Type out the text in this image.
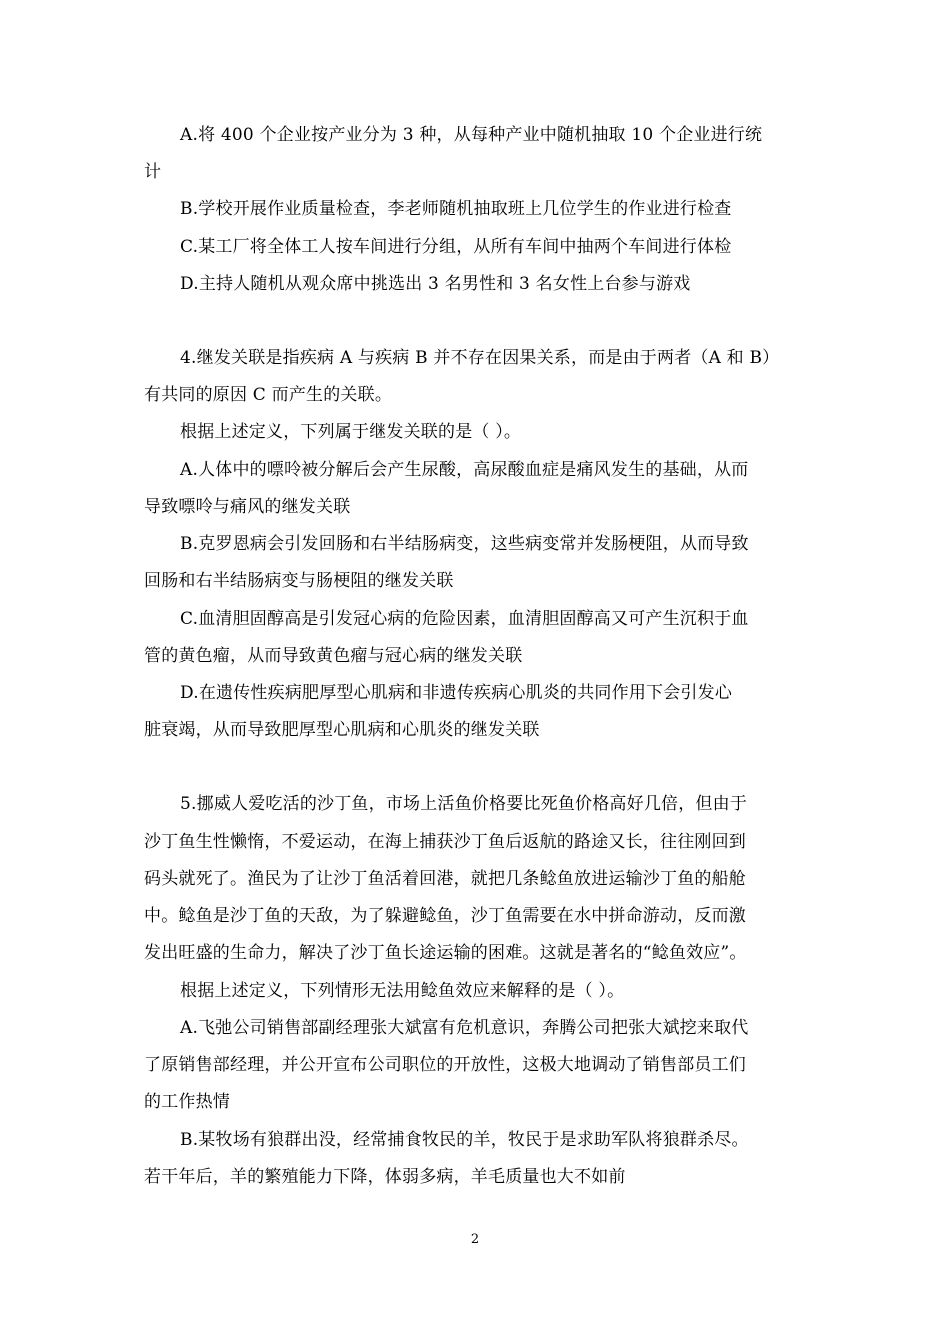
A.将 400 个企业按产业分为 3 种，从每种产业中随机抽取 10 个企业进行统
计
B.学校开展作业质量检查，李老师随机抽取班上几位学生的作业进行检查
C.某工厂将全体工人按车间进行分组，从所有车间中抽两个车间进行体检
D.主持人随机从观众席中挑选出 3 名男性和 3 名女性上台参与游戏
4.继发关联是指疾病 A 与疾病 B 并不存在因果关系，而是由于两者（A 和 B）
有共同的原因 C 而产生的关联。
根据上述定义，下列属于继发关联的是（ ）。
A.人体中的嘌呤被分解后会产生尿酸，高尿酸血症是痛风发生的基础，从而
导致嘌呤与痛风的继发关联
B.克罗恩病会引发回肠和右半结肠病变，这些病变常并发肠梗阻，从而导致
回肠和右半结肠病变与肠梗阻的继发关联
C.血清胆固醇高是引发冠心病的危险因素，血清胆固醇高又可产生沉积于血
管的黄色瘤，从而导致黄色瘤与冠心病的继发关联
D.在遗传性疾病肥厚型心肌病和非遗传疾病心肌炎的共同作用下会引发心
脏衰竭，从而导致肥厚型心肌病和心肌炎的继发关联
5.挪威人爱吃活的沙丁鱼，市场上活鱼价格要比死鱼价格高好几倍，但由于
沙丁鱼生性懒惰，不爱运动，在海上捕获沙丁鱼后返航的路途又长，往往刚回到
码头就死了。渔民为了让沙丁鱼活着回港，就把几条鲶鱼放进运输沙丁鱼的船舱
中。鲶鱼是沙丁鱼的天敌，为了躲避鲶鱼，沙丁鱼需要在水中拼命游动，反而激
发出旺盛的生命力，解决了沙丁鱼长途运输的困难。这就是著名的“鲶鱼效应”。
根据上述定义，下列情形无法用鲶鱼效应来解释的是（ ）。
A.飞弛公司销售部副经理张大斌富有危机意识，奔腾公司把张大斌挖来取代
了原销售部经理，并公开宣布公司职位的开放性，这极大地调动了销售部员工们
的工作热情
B.某牧场有狼群出没，经常捕食牧民的羊，牧民于是求助军队将狼群杀尽。
若干年后，羊的繁殖能力下降，体弱多病，羊毛质量也大不如前
2
